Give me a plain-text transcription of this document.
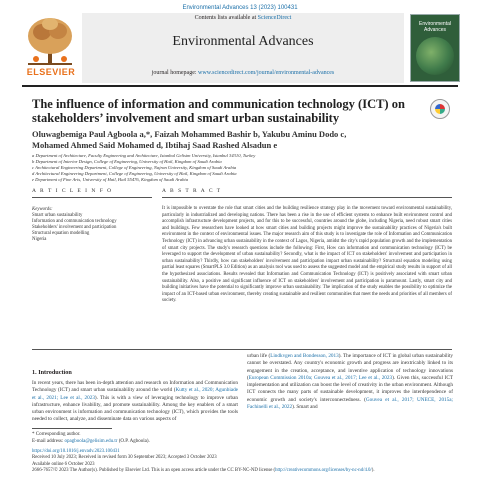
Environmental Advances 13 (2023) 100431
ELSEVIER
Contents lists available at ScienceDirect
Environmental Advances
journal homepage: www.sciencedirect.com/journal/environmental-advances
Environmental Advances
The influence of information and communication technology (ICT) on stakeholders’ involvement and smart urban sustainability
Oluwagbemiga Paul Agboola a,*, Faizah Mohammed Bashir b, Yakubu Aminu Dodo c,
Mohamed Ahmed Said Mohamed d, Ibtihaj Saad Rashed Alsadun e
a Department of Architecture, Faculty Engineering and Architecture, Istanbul Gelisim University, Istanbul 34310, Turkey
b Department of Interior Design, College of Engineering, University of Hail, Kingdom of Saudi Arabia
c Architectural Engineering Department, College of Engineering, Najran University, Kingdom of Saudi Arabia
d Architectural Engineering Department, College of Engineering, University of Hail, Kingdom of Saudi Arabia
e Department of Fine Arts, University of Hail, Hail 55476, Kingdom of Saudi Arabia
A R T I C L E I N F O	A B S T R A C T
Keywords:
Smart urban sustainability
Information and communication technology
Stakeholders' involvement and participation
Structural equation modelling
Nigeria
It is impossible to overstate the role that smart cities and the building resilience strategy play in the movement toward environmental sustainability, particularly in industrialized and developing nations. There has been a rise in the use of efficient systems to enhance built environment control and accomplish infrastructure development projects, and for this to be successful, countries around the globe, including Nigeria, need robust smart cities and buildings. Few researchers have looked at how smart cities and building projects might improve the sustainability practices of Nigeria's built environment in the context of environmental issues. The major research aim of this study is to investigate the role of Information and Communication Technology (ICT) in advancing urban sustainability in the context of Lagos, Nigeria, amidst the city's rapid population growth and the implementation of smart city projects. The study's research questions include the following: First, How can information and communication technology (ICT) be leveraged to support the development of urban sustainability? Secondly, what is the impact of ICT on stakeholders' involvement and participation in urban sustainability? Thirdly, how can stakeholders' involvement and participation impact urban sustainability? Structural equation modeling using partial least squares (SmartPLS 3.0 Edition) as an analysis tool was used to assess the suggested model and the empirical study results in support of all the hypothesized associations. Results revealed that Information and Communication Technology (ICT) is positively associated with smart urban sustainability. Also, a positive and significant influence of ICT on stakeholders' involvement and participation is paramount. Lastly, smart city and building initiatives have the potential to significantly improve urban sustainability. The implication of the study enables the possibility to optimize the impact of an ICT-based urban environment, thereby creating sustainable and resilient communities that meet the needs and priorities of all members of society.
1. Introduction
In recent years, there has been in-depth attention and research on Information and Communication Technology (ICT) and smart urban sustainability around the world (Kutty et al., 2020; Agunbiade et al., 2021; Lee et al., 2023). This is with a view of leveraging technology to improve urban infrastructure, enhance livability, and promote sustainability. Among the key enablers of a smart urban environment is information and communication technology (ICT), which provides the tools needed to collect, analyze, and disseminate data on various aspects of
urban life (Lindkvgen and Bondesson, 2013). The importance of ICT in global urban sustainability cannot be overstated. Any country's economic growth and progress are inextricably linked to its engagement in the creation, acceptance, and inventive application of technology innovations (European Commission 2010a; Gouvea et al., 2017; Lee et al., 2023). Given this, successful ICT implementation and utilization can boost the level of creativity in the urban environment. Although ICT connects the many parts of sustainable development, it improves the interdependence of economic growth and society's interconnectedness. (Gouvea et al., 2017; UNECE, 2015a; Fachinelli et al., 2022). Smart and
* Corresponding author.
E-mail address: opagboola@gelisim.edu.tr (O.P. Agboola).
https://doi.org/10.1016/j.envadv.2023.100431
Received 10 July 2023; Received in revised form 30 September 2023; Accepted 3 October 2023
Available online 6 October 2023
2666-7657/© 2023 The Author(s). Published by Elsevier Ltd. This is an open access article under the CC BY-NC-ND license (http://creativecommons.org/licenses/by-nc-nd/4.0/).
